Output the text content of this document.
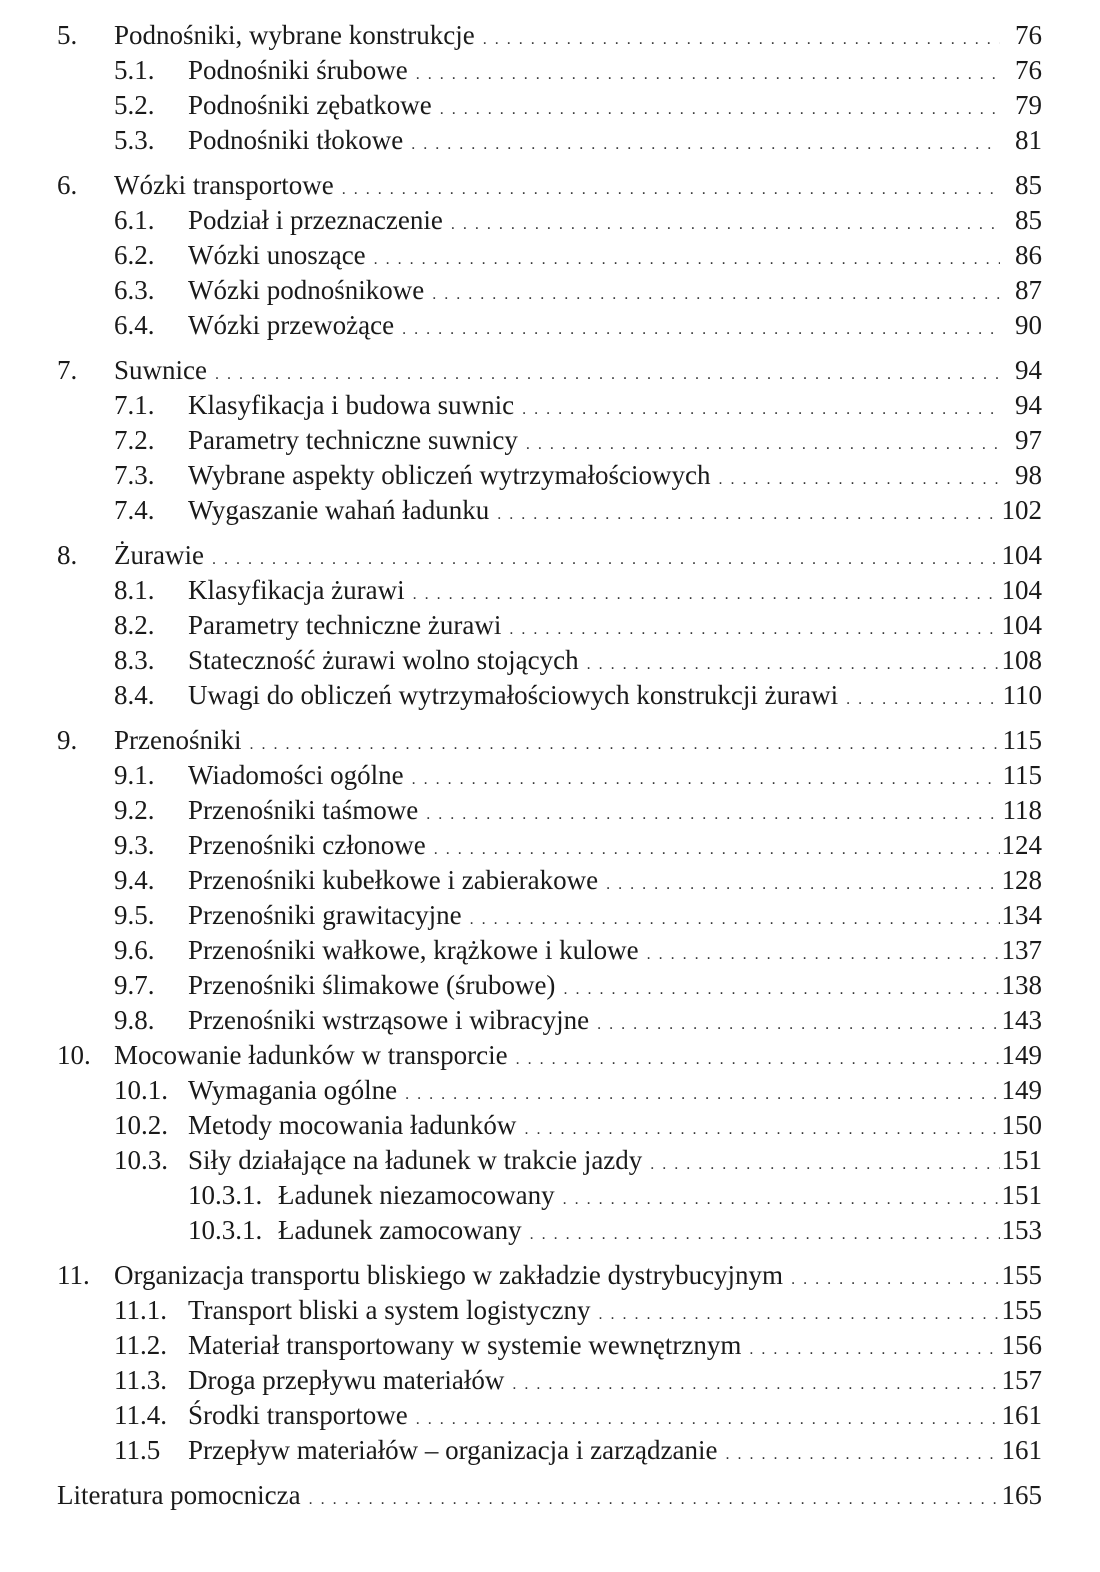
5. Podnośniki, wybrane konstrukcje . . .	76
5.1. Podnośniki śrubowe . . .	76
5.2. Podnośniki zębatkowe . . .	79
5.3. Podnośniki tłokowe . . .	81
6. Wózki transportowe . . .	85
6.1. Podział i przeznaczenie . . .	85
6.2. Wózki unoszące . . .	86
6.3. Wózki podnośnikowe . . .	87
6.4. Wózki przewożące . . .	90
7. Suwnice . . .	94
7.1. Klasyfikacja i budowa suwnic . . .	94
7.2. Parametry techniczne suwnicy . . .	97
7.3. Wybrane aspekty obliczeń wytrzymałościowych . . .	98
7.4. Wygaszanie wahań ładunku . . .	102
8. Żurawie . . .	104
8.1. Klasyfikacja żurawi . . .	104
8.2. Parametry techniczne żurawi . . .	104
8.3. Stateczność żurawi wolno stojących . . .	108
8.4. Uwagi do obliczeń wytrzymałościowych konstrukcji żurawi . . .	110
9. Przenośniki . . .	115
9.1. Wiadomości ogólne . . .	115
9.2. Przenośniki taśmowe . . .	118
9.3. Przenośniki członowe . . .	124
9.4. Przenośniki kubełkowe i zabierakowe . . .	128
9.5. Przenośniki grawitacyjne . . .	134
9.6. Przenośniki wałkowe, krążkowe i kulowe . . .	137
9.7. Przenośniki ślimakowe (śrubowe) . . .	138
9.8. Przenośniki wstrząsowe i wibracyjne . . .	143
10. Mocowanie ładunków w transporcie . . .	149
10.1. Wymagania ogólne . . .	149
10.2. Metody mocowania ładunków . . .	150
10.3. Siły działające na ładunek w trakcie jazdy . . .	151
10.3.1. Ładunek niezamocowany . . .	151
10.3.1. Ładunek zamocowany . . .	153
11. Organizacja transportu bliskiego w zakładzie dystrybucyjnym . . .	155
11.1. Transport bliski a system logistyczny . . .	155
11.2. Materiał transportowany w systemie wewnętrznym . . .	156
11.3. Droga przepływu materiałów . . .	157
11.4. Środki transportowe . . .	161
11.5 Przepływ materiałów – organizacja i zarządzanie . . .	161
Literatura pomocnicza . . .	165
